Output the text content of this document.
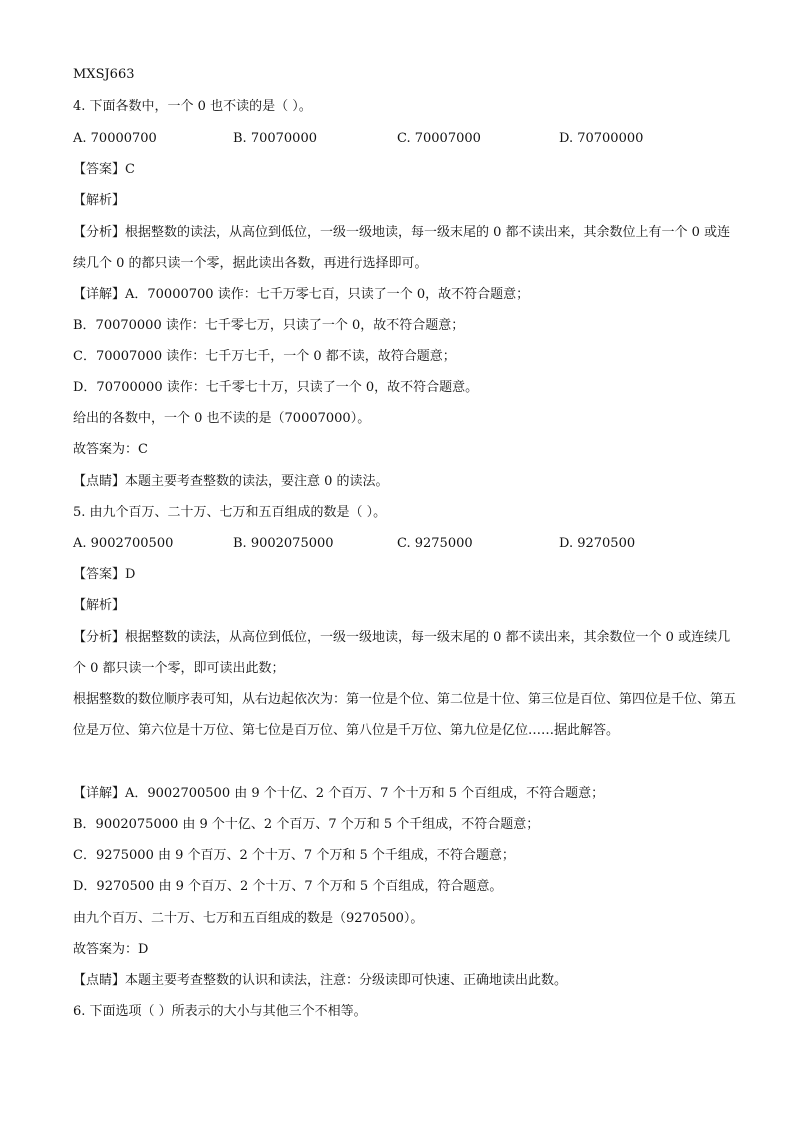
MXSJ663
4. 下面各数中，一个 0 也不读的是（ ）。
A. 70000700	B. 70070000	C. 70007000	D. 70700000
【答案】C
【解析】
【分析】根据整数的读法，从高位到低位，一级一级地读，每一级末尾的 0 都不读出来，其余数位上有一个 0 或连续几个 0 的都只读一个零，据此读出各数，再进行选择即可。
【详解】A．70000700 读作：七千万零七百，只读了一个 0，故不符合题意；
B．70070000 读作：七千零七万，只读了一个 0，故不符合题意；
C．70007000 读作：七千万七千，一个 0 都不读，故符合题意；
D．70700000 读作：七千零七十万，只读了一个 0，故不符合题意。
给出的各数中，一个 0 也不读的是（70007000）。
故答案为：C
【点睛】本题主要考查整数的读法，要注意 0 的读法。
5. 由九个百万、二十万、七万和五百组成的数是（ ）。
A. 9002700500	B. 9002075000	C. 9275000	D. 9270500
【答案】D
【解析】
【分析】根据整数的读法，从高位到低位，一级一级地读，每一级末尾的 0 都不读出来，其余数位一个 0 或连续几个 0 都只读一个零，即可读出此数；
根据整数的数位顺序表可知，从右边起依次为：第一位是个位、第二位是十位、第三位是百位、第四位是千位、第五位是万位、第六位是十万位、第七位是百万位、第八位是千万位、第九位是亿位……据此解答。
【详解】A．9002700500 由 9 个十亿、2 个百万、7 个十万和 5 个百组成，不符合题意；
B．9002075000 由 9 个十亿、2 个百万、7 个万和 5 个千组成，不符合题意；
C．9275000 由 9 个百万、2 个十万、7 个万和 5 个千组成，不符合题意；
D．9270500 由 9 个百万、2 个十万、7 个万和 5 个百组成，符合题意。
由九个百万、二十万、七万和五百组成的数是（9270500）。
故答案为：D
【点睛】本题主要考查整数的认识和读法，注意：分级读即可快速、正确地读出此数。
6. 下面选项（ ）所表示的大小与其他三个不相等。
